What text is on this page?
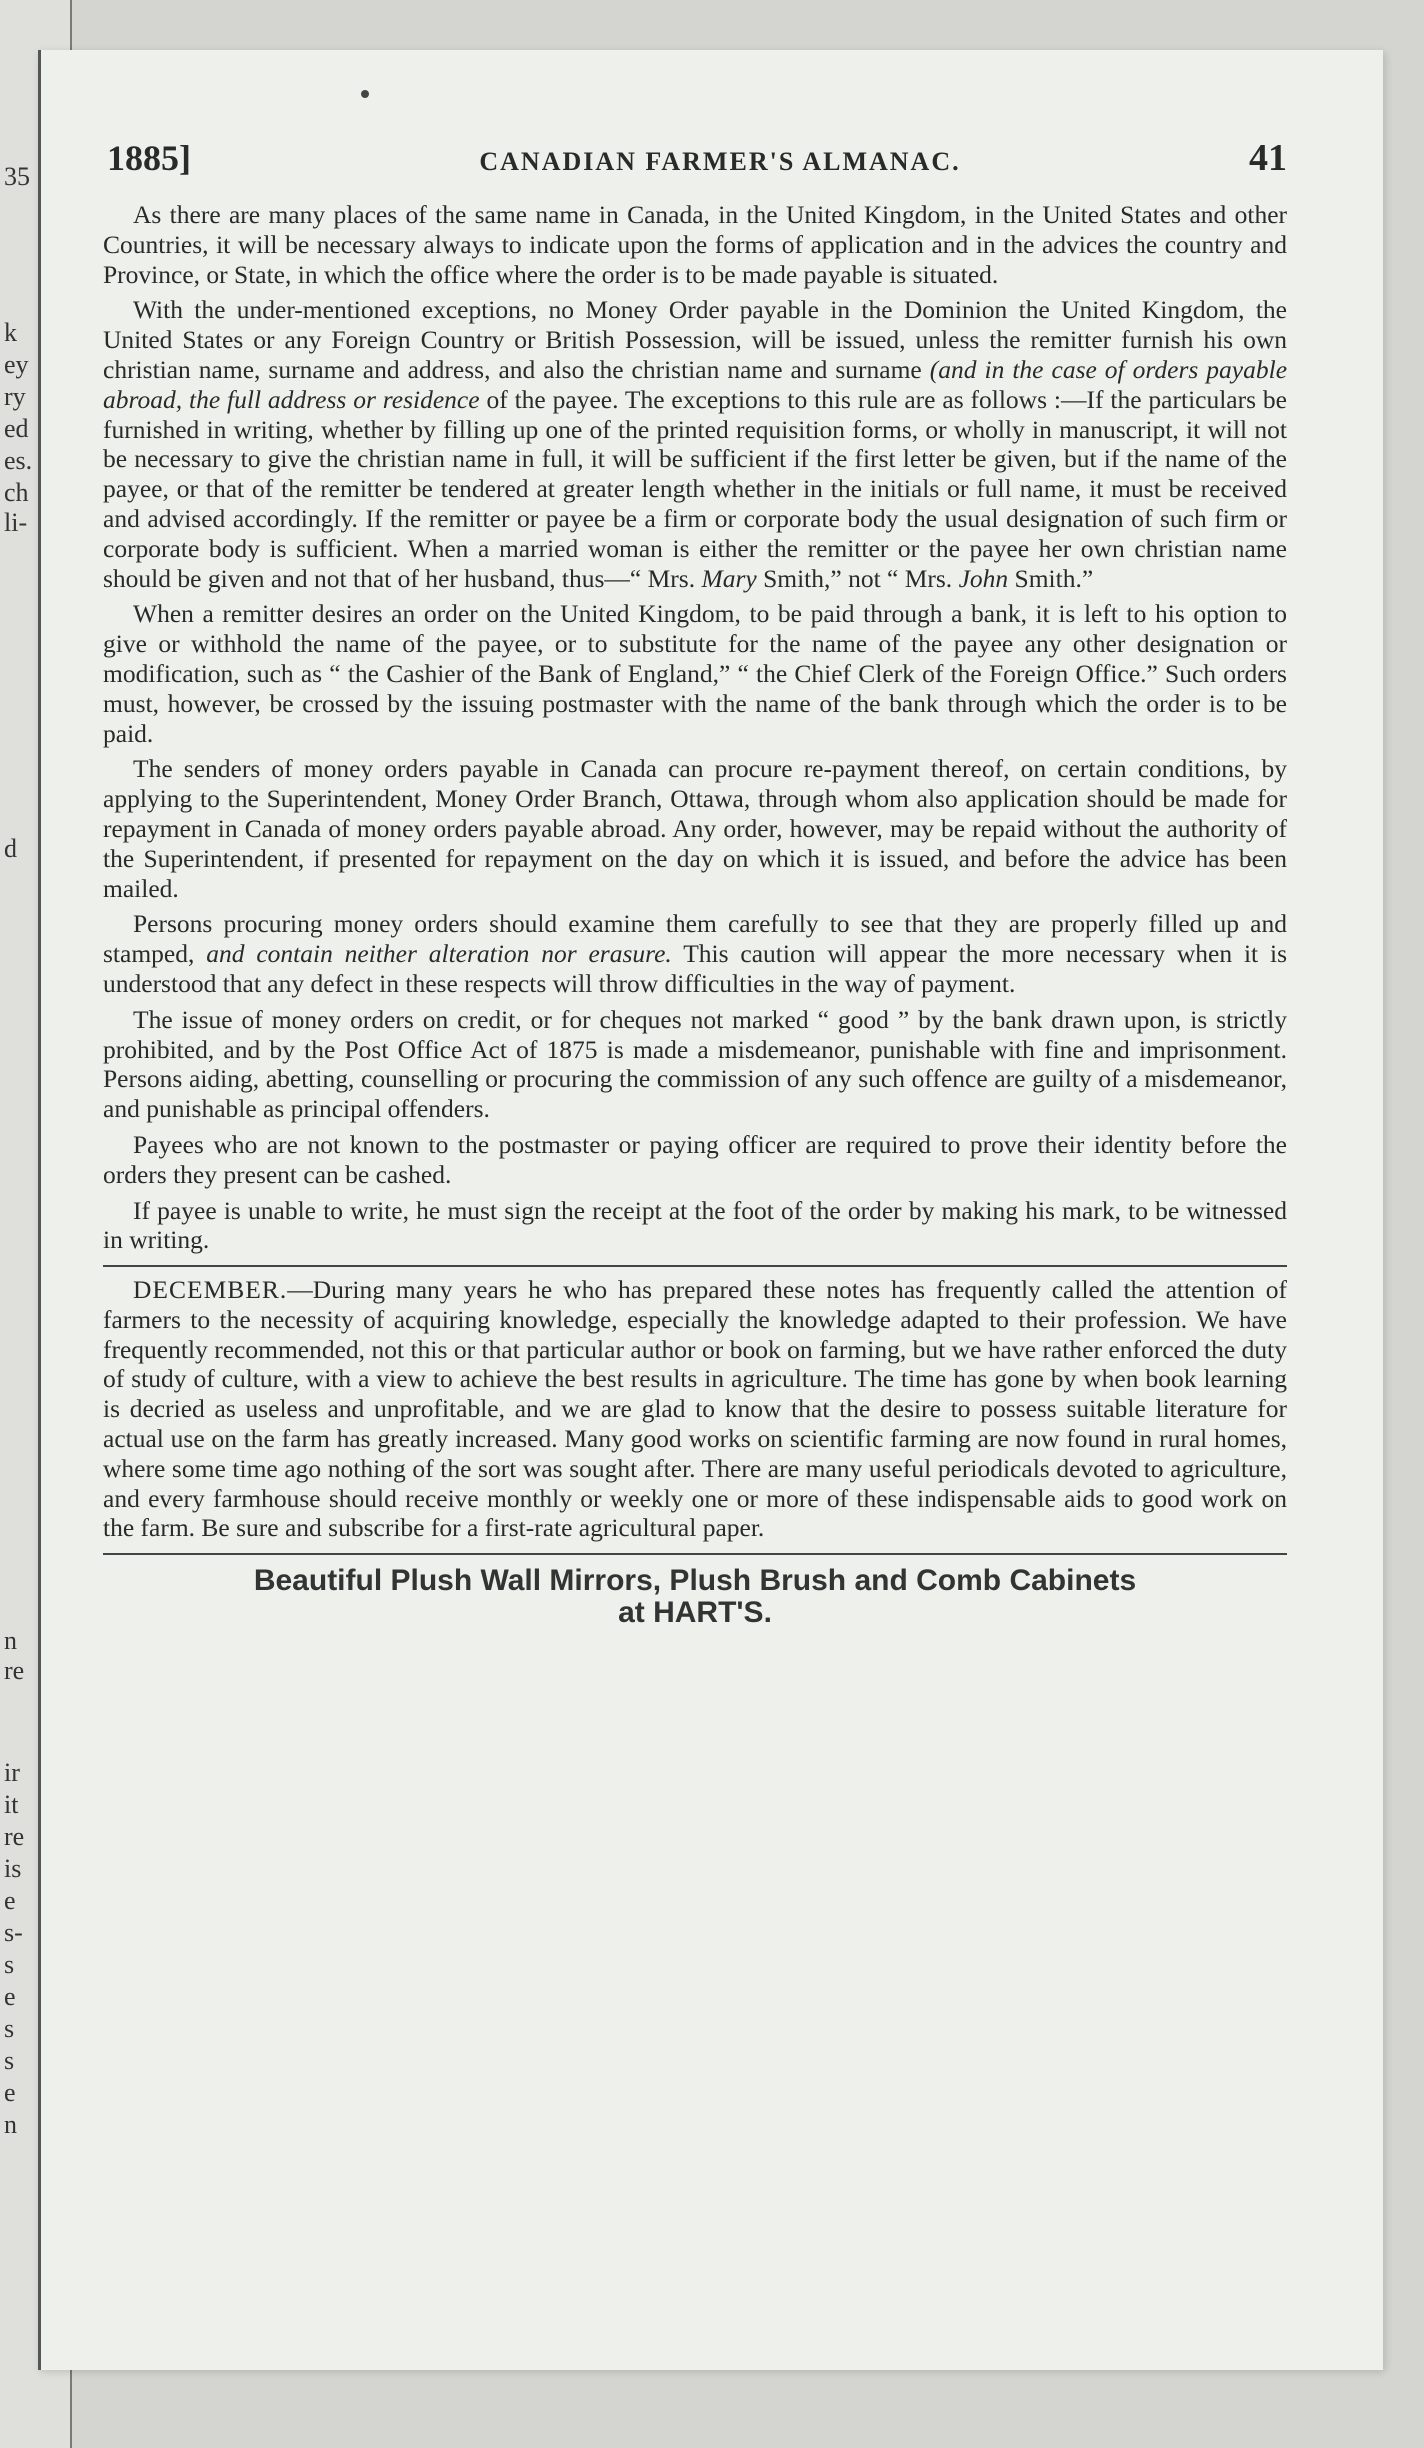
35
k
ey
ry
ed
es.
ch
li-
d
n
re
ir
it
re
is
e
s-
s
e
s
s
e
n
1885]	CANADIAN FARMER'S ALMANAC.	41

As there are many places of the same name in Canada, in the United Kingdom, in the United States and other Countries, it will be necessary always to indicate upon the forms of application and in the advices the country and Province, or State, in which the office where the order is to be made payable is situated.

With the under-mentioned exceptions, no Money Order payable in the Dominion the United Kingdom, the United States or any Foreign Country or British Possession, will be issued, unless the remitter furnish his own christian name, surname and address, and also the christian name and surname (and in the case of orders payable abroad, the full address or residence of the payee. The exceptions to this rule are as follows :—If the particulars be furnished in writing, whether by filling up one of the printed requisition forms, or wholly in manuscript, it will not be necessary to give the christian name in full, it will be sufficient if the first letter be given, but if the name of the payee, or that of the remitter be tendered at greater length whether in the initials or full name, it must be received and advised accordingly. If the remitter or payee be a firm or corporate body the usual designation of such firm or corporate body is sufficient. When a married woman is either the remitter or the payee her own christian name should be given and not that of her husband, thus—“ Mrs. Mary Smith,” not “ Mrs. John Smith.”

When a remitter desires an order on the United Kingdom, to be paid through a bank, it is left to his option to give or withhold the name of the payee, or to substitute for the name of the payee any other designation or modification, such as “ the Cashier of the Bank of England,” “ the Chief Clerk of the Foreign Office.” Such orders must, however, be crossed by the issuing postmaster with the name of the bank through which the order is to be paid.

The senders of money orders payable in Canada can procure re-payment thereof, on certain conditions, by applying to the Superintendent, Money Order Branch, Ottawa, through whom also application should be made for repayment in Canada of money orders payable abroad. Any order, however, may be repaid without the authority of the Superintendent, if presented for repayment on the day on which it is issued, and before the advice has been mailed.

Persons procuring money orders should examine them carefully to see that they are properly filled up and stamped, and contain neither alteration nor erasure. This caution will appear the more necessary when it is understood that any defect in these respects will throw difficulties in the way of payment.

The issue of money orders on credit, or for cheques not marked “ good ” by the bank drawn upon, is strictly prohibited, and by the Post Office Act of 1875 is made a misdemeanor, punishable with fine and imprisonment. Persons aiding, abetting, counselling or procuring the commission of any such offence are guilty of a misdemeanor, and punishable as principal offenders.

Payees who are not known to the postmaster or paying officer are required to prove their identity before the orders they present can be cashed.

If payee is unable to write, he must sign the receipt at the foot of the order by making his mark, to be witnessed in writing.

DECEMBER.—During many years he who has prepared these notes has frequently called the attention of farmers to the necessity of acquiring knowledge, especially the knowledge adapted to their profession. We have frequently recommended, not this or that particular author or book on farming, but we have rather enforced the duty of study of culture, with a view to achieve the best results in agriculture. The time has gone by when book learning is decried as useless and unprofitable, and we are glad to know that the desire to possess suitable literature for actual use on the farm has greatly increased. Many good works on scientific farming are now found in rural homes, where some time ago nothing of the sort was sought after. There are many useful periodicals devoted to agriculture, and every farmhouse should receive monthly or weekly one or more of these indispensable aids to good work on the farm. Be sure and subscribe for a first-rate agricultural paper.

Beautiful Plush Wall Mirrors, Plush Brush and Comb Cabinets
at HART'S.
